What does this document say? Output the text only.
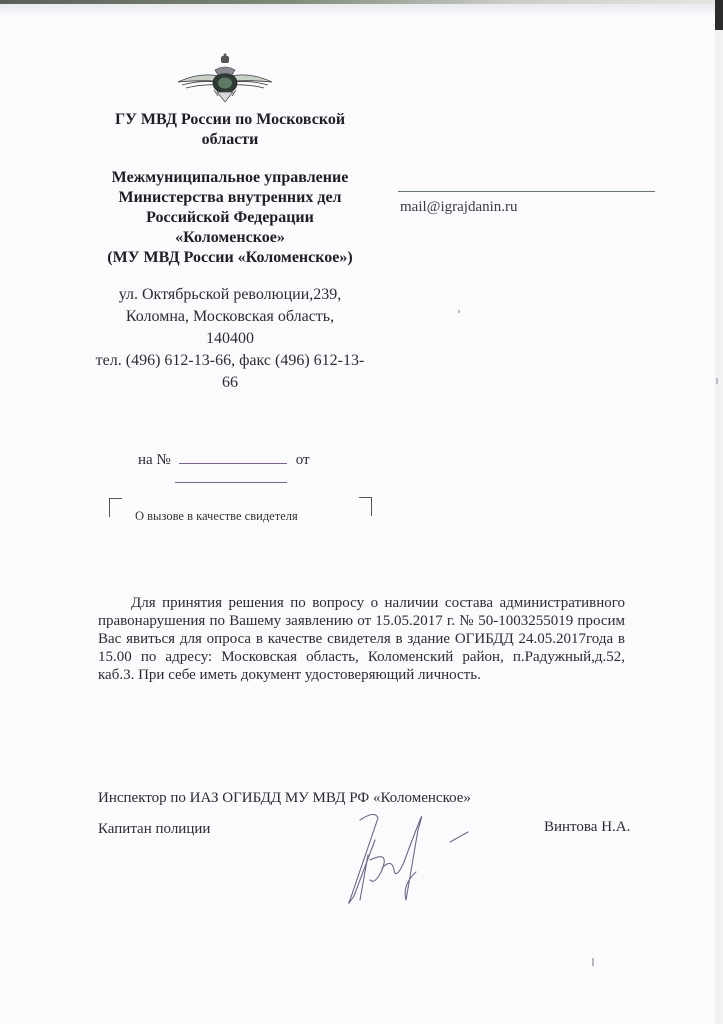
ГУ МВД России по Московской
области
Межмуниципальное управление
Министерства внутренних дел
Российской Федерации
«Коломенское»
(МУ МВД России «Коломенское»)
ул. Октябрьской революции,239,
Коломна, Московская область,
140400
тел. (496) 612-13-66, факс (496) 612-13-
66
mail@igrajdanin.ru
на №	от
О вызове в качестве свидетеля
Для принятия решения по вопросу о наличии состава административного правонарушения по Вашему заявлению от 15.05.2017 г. № 50-1003255019 просим Вас явиться для опроса в качестве свидетеля в здание ОГИБДД 24.05.2017года в 15.00 по адресу: Московская область, Коломенский район, п.Радужный,д.52, каб.3. При себе иметь документ удостоверяющий личность.
Инспектор по ИАЗ ОГИБДД МУ МВД РФ «Коломенское»
Капитан полиции	Винтова Н.А.
